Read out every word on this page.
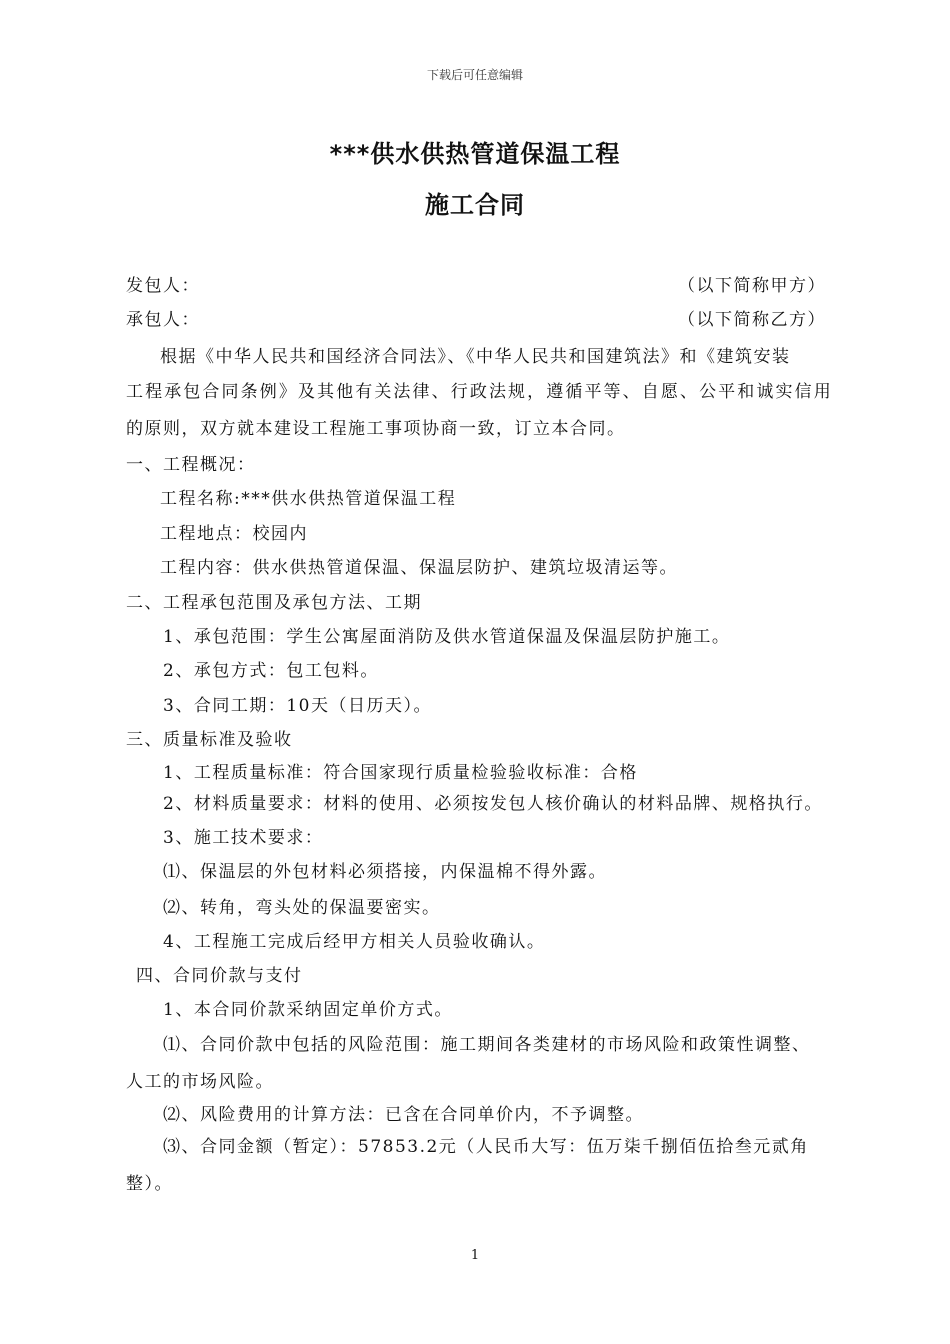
下载后可任意编辑
***供水供热管道保温工程
施工合同
发包人：	（以下简称甲方）
承包人：	（以下简称乙方）
根据《中华人民共和国经济合同法》、《中华人民共和国建筑法》和《建筑安装
工程承包合同条例》及其他有关法律、行政法规，遵循平等、自愿、公平和诚实信用
的原则，双方就本建设工程施工事项协商一致，订立本合同。
一、工程概况：
工程名称:***供水供热管道保温工程
工程地点：校园内
工程内容：供水供热管道保温、保温层防护、建筑垃圾清运等。
二、工程承包范围及承包方法、工期
1、承包范围：学生公寓屋面消防及供水管道保温及保温层防护施工。
2、承包方式：包工包料。
3、合同工期：10天（日历天）。
三、质量标准及验收
1、工程质量标准：符合国家现行质量检验验收标准：合格
2、材料质量要求：材料的使用、必须按发包人核价确认的材料品牌、规格执行。
3、施工技术要求：
⑴、保温层的外包材料必须搭接，内保温棉不得外露。
⑵、转角，弯头处的保温要密实。
4、工程施工完成后经甲方相关人员验收确认。
四、合同价款与支付
1、本合同价款采纳固定单价方式。
⑴、合同价款中包括的风险范围：施工期间各类建材的市场风险和政策性调整、
人工的市场风险。
⑵、风险费用的计算方法：已含在合同单价内，不予调整。
⑶、合同金额（暂定）：57853.2元（人民币大写：伍万柒千捌佰伍拾叁元贰角
整）。
1
